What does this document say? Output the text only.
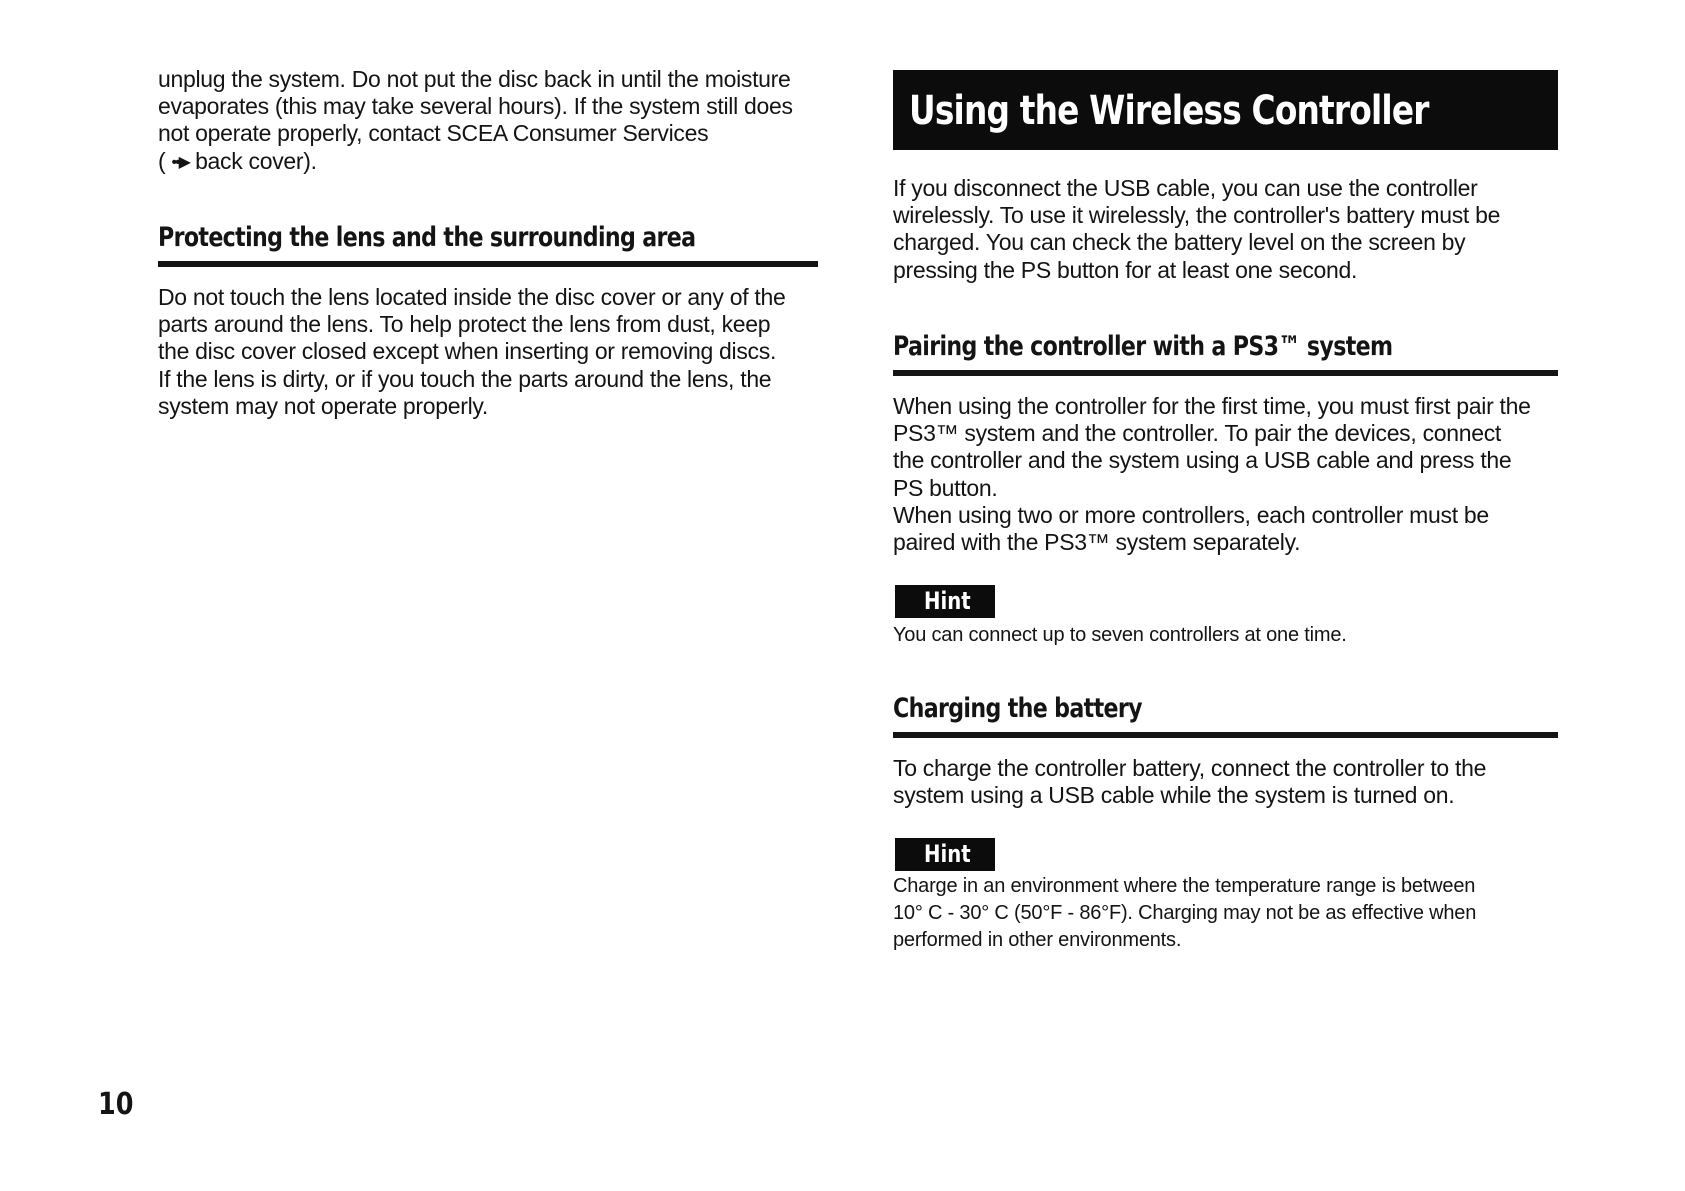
unplug the system. Do not put the disc back in until the moisture
evaporates (this may take several hours). If the system still does
not operate properly, contact SCEA Consumer Services
( ••▶ back cover).

Protecting the lens and the surrounding area

Do not touch the lens located inside the disc cover or any of the
parts around the lens. To help protect the lens from dust, keep
the disc cover closed except when inserting or removing discs.
If the lens is dirty, or if you touch the parts around the lens, the
system may not operate properly.

Using the Wireless Controller

If you disconnect the USB cable, you can use the controller
wirelessly. To use it wirelessly, the controller's battery must be
charged. You can check the battery level on the screen by
pressing the PS button for at least one second.

Pairing the controller with a PS3™ system

When using the controller for the first time, you must first pair the
PS3™ system and the controller. To pair the devices, connect
the controller and the system using a USB cable and press the
PS button.
When using two or more controllers, each controller must be
paired with the PS3™ system separately.

Hint

You can connect up to seven controllers at one time.

Charging the battery

To charge the controller battery, connect the controller to the
system using a USB cable while the system is turned on.

Hint

Charge in an environment where the temperature range is between
10° C - 30° C (50°F - 86°F). Charging may not be as effective when
performed in other environments.

10
